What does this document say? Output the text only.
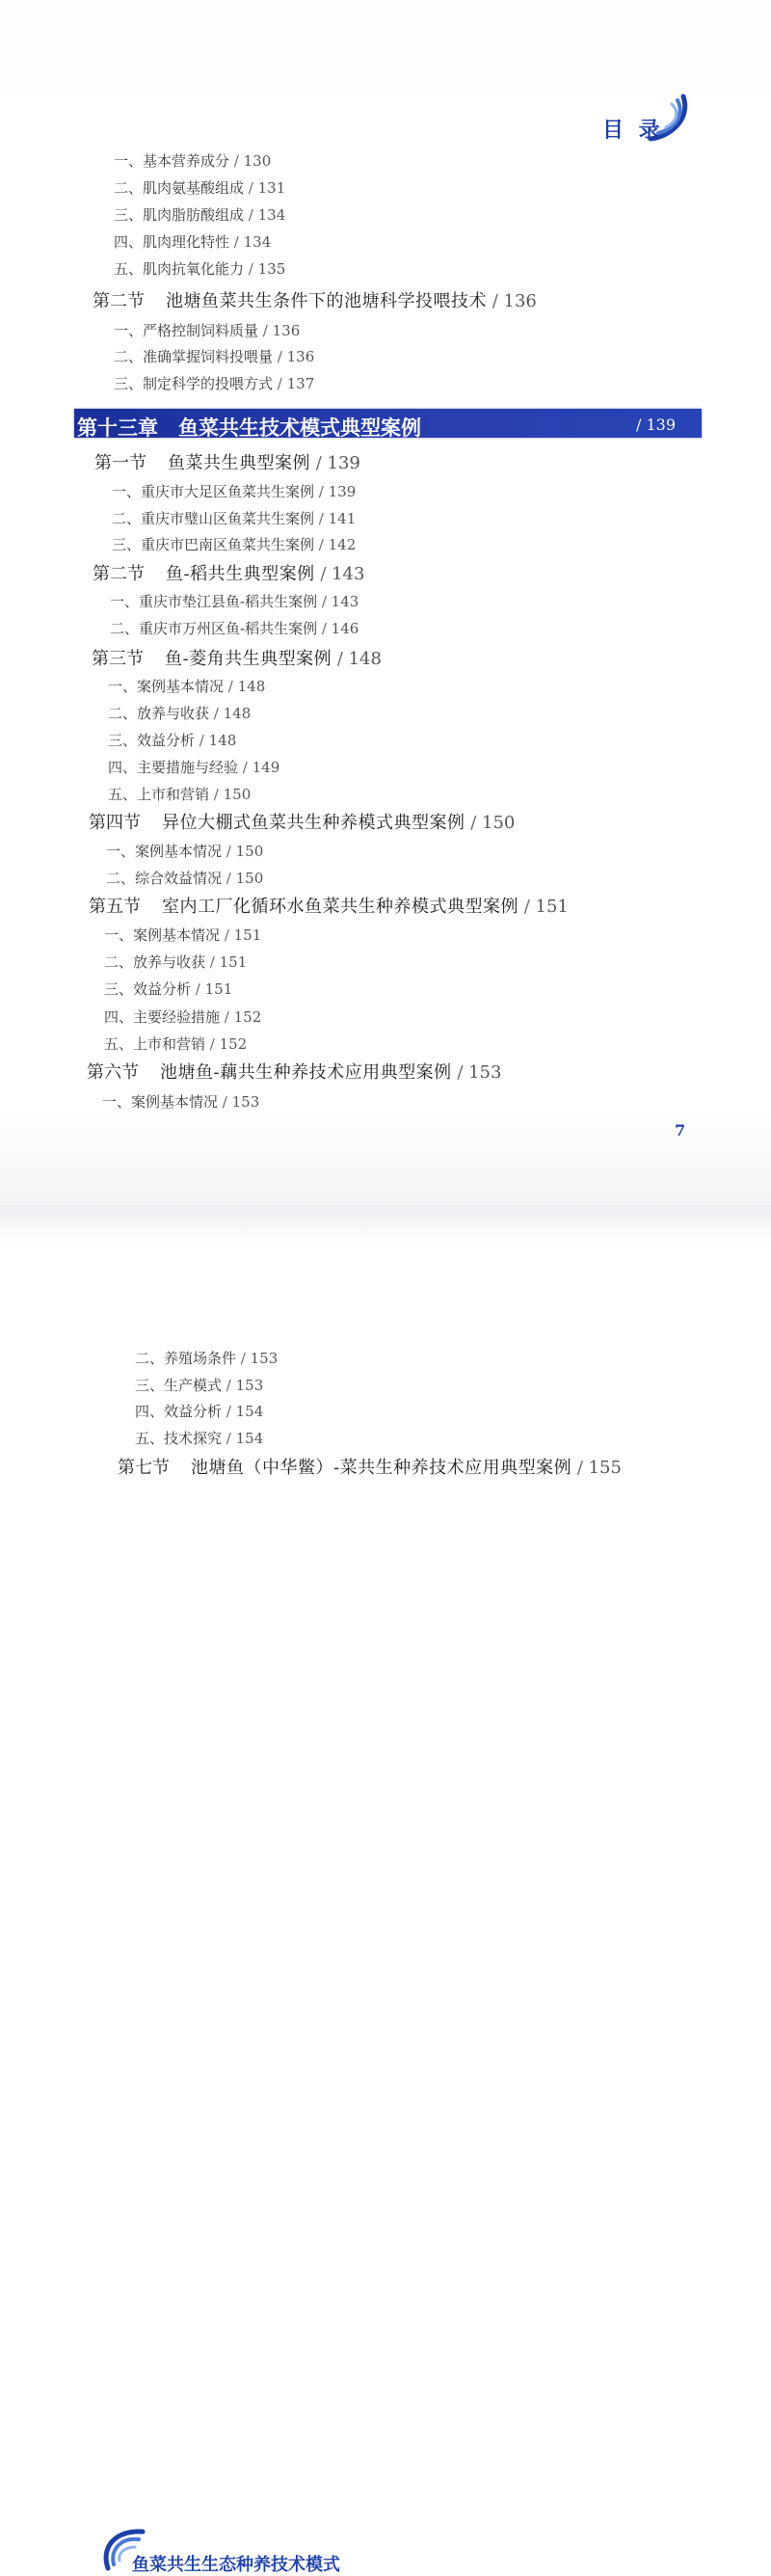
目 录
第十三章　鱼菜共生技术模式典型案例	/ 139
7
鱼菜共生生态种养技术模式
一、基本营养成分 / 130
二、肌肉氨基酸组成 / 131
三、肌肉脂肪酸组成 / 134
四、肌肉理化特性 / 134
五、肌肉抗氧化能力 / 135
第二节 池塘鱼菜共生条件下的池塘科学投喂技术 / 136
一、严格控制饲料质量 / 136
二、准确掌握饲料投喂量 / 136
三、制定科学的投喂方式 / 137
第一节 鱼菜共生典型案例 / 139
一、重庆市大足区鱼菜共生案例 / 139
二、重庆市璧山区鱼菜共生案例 / 141
三、重庆市巴南区鱼菜共生案例 / 142
第二节 鱼-稻共生典型案例 / 143
一、重庆市垫江县鱼-稻共生案例 / 143
二、重庆市万州区鱼-稻共生案例 / 146
第三节 鱼-菱角共生典型案例 / 148
一、案例基本情况 / 148
二、放养与收获 / 148
三、效益分析 / 148
四、主要措施与经验 / 149
五、上市和营销 / 150
第四节 异位大棚式鱼菜共生种养模式典型案例 / 150
一、案例基本情况 / 150
二、综合效益情况 / 150
第五节 室内工厂化循环水鱼菜共生种养模式典型案例 / 151
一、案例基本情况 / 151
二、放养与收获 / 151
三、效益分析 / 151
四、主要经验措施 / 152
五、上市和营销 / 152
第六节 池塘鱼-藕共生种养技术应用典型案例 / 153
一、案例基本情况 / 153
二、养殖场条件 / 153
三、生产模式 / 153
四、效益分析 / 154
五、技术探究 / 154
第七节 池塘鱼（中华鳖）-菜共生种养技术应用典型案例 / 155
